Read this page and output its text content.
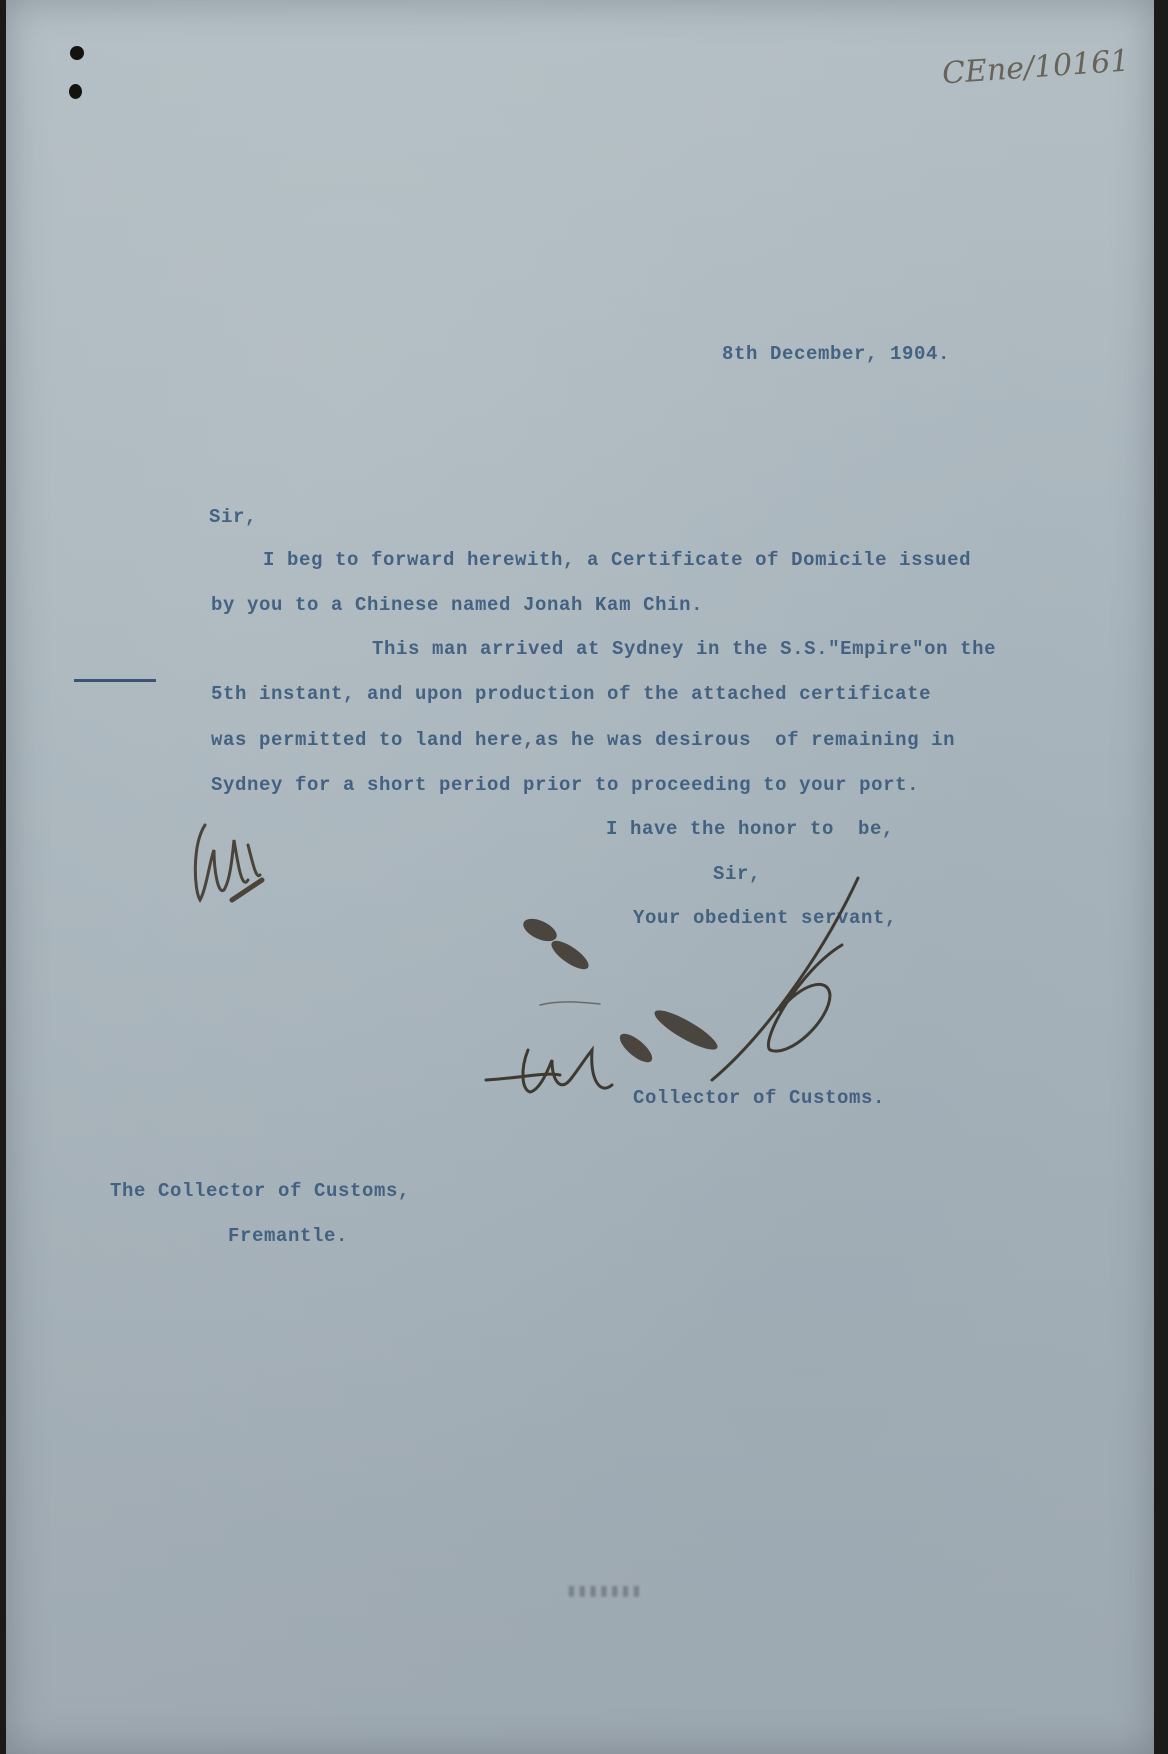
CEne/10161
8th December, 1904.
Sir,
I beg to forward herewith, a Certificate of Domicile issued
by you to a Chinese named Jonah Kam Chin.
This man arrived at Sydney in the S.S."Empire"on the
5th instant, and upon production of the attached certificate
was permitted to land here,as he was desirous  of remaining in
Sydney for a short period prior to proceeding to your port.
I have the honor to  be,
Sir,
Your obedient servant,
Collector of Customs.
The Collector of Customs,
Fremantle.
▮▮▮▮▮▮▮
